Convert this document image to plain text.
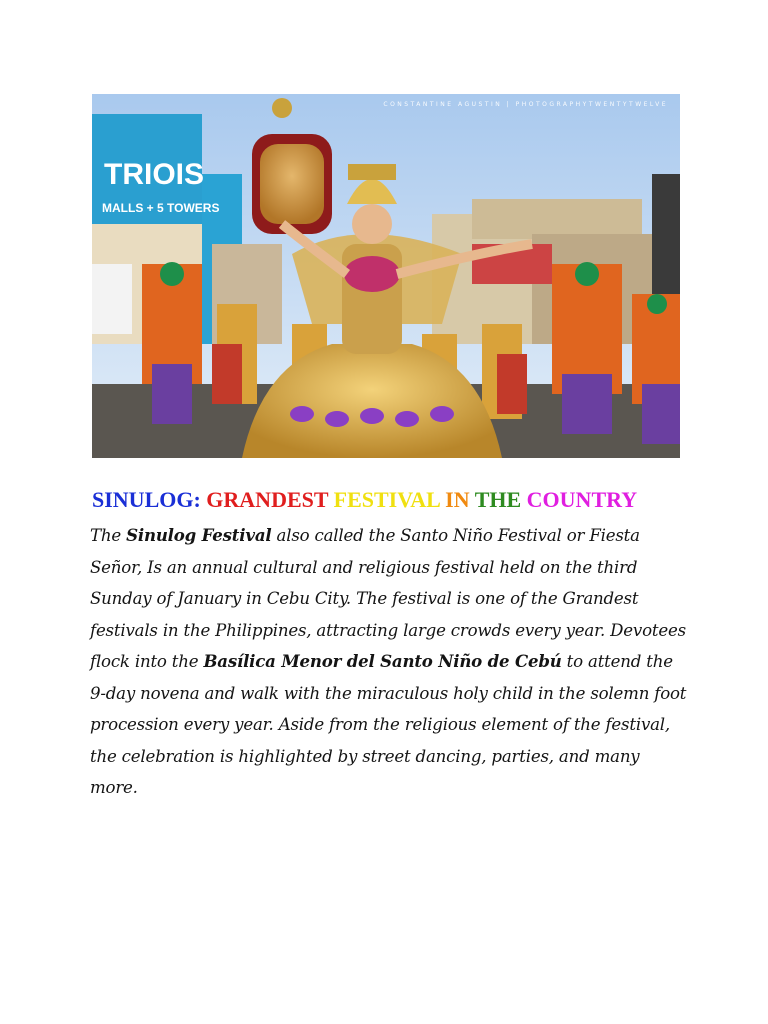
TRIOIS
MALLS + 5 TOWERS
CONSTANTINE AGUSTIN | PHOTOGRAPHYTWENTYTWELVE
SINULOG: GRANDEST FESTIVAL IN THE COUNTRY
The Sinulog Festival also called the Santo Niño Festival or Fiesta Señor, Is an annual cultural and religious festival held on the third Sunday of January in Cebu City. The festival is one of the Grandest festivals in the Philippines, attracting large crowds every year. Devotees flock into the Basílica Menor del Santo Niño de Cebú to attend the 9-day novena and walk with the miraculous holy child in the solemn foot procession every year. Aside from the religious element of the festival, the celebration is highlighted by street dancing, parties, and many more.
